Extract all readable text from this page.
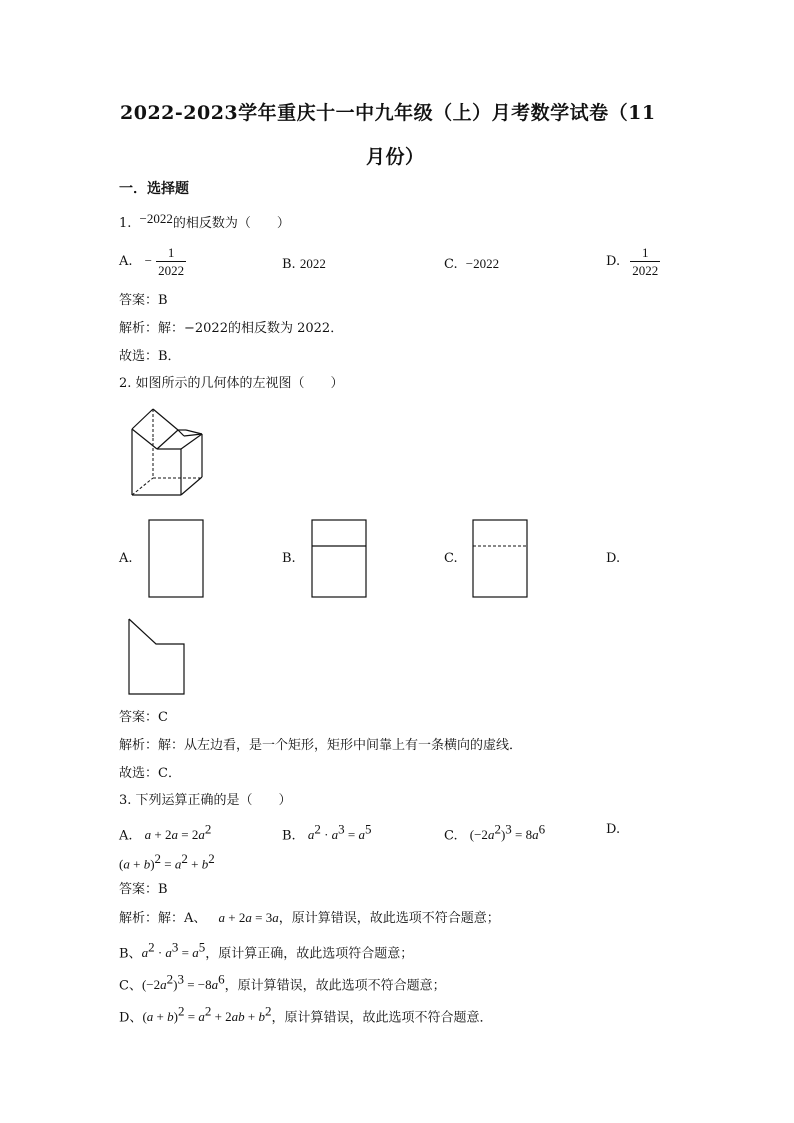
2022-2023学年重庆十一中九年级（上）月考数学试卷（11
月份）
一．选择题
1. −2022的相反数为（　　）
A. − $\frac{1}{2022}$	B. 2022	C. −2022	D. $\frac{1}{2022}$
答案：B
解析：解：−2022的相反数为 2022．
故选：B．
2. 如图所示的几何体的左视图（　　）
A.	B.	C.	D.
答案：C
解析：解：从左边看，是一个矩形，矩形中间靠上有一条横向的虚线．
故选：C．
3. 下列运算正确的是（　　）
A. $a + 2a = 2a^2$	B. $a^2 \cdot a^3 = a^5$	C. $(-2a^2)^3 = 8a^6$	D.
$(a + b)^2 = a^2 + b^2$
答案：B
解析：解：A、 a + 2a = 3a，原计算错误，故此选项不符合题意；
B、$a^2 \cdot a^3 = a^5$，原计算正确，故此选项符合题意；
C、$(-2a^2)^3 = -8a^6$，原计算错误，故此选项不符合题意；
D、$(a + b)^2 = a^2 + 2ab + b^2$，原计算错误，故此选项不符合题意．
